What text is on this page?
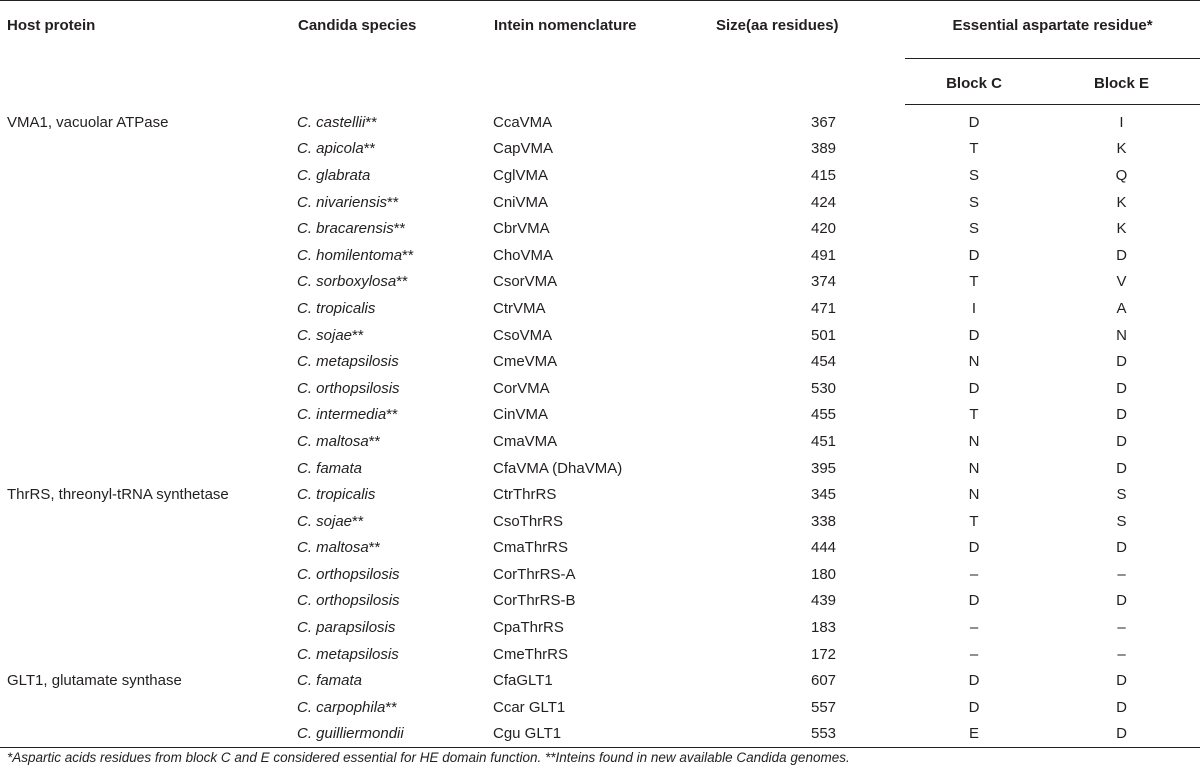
Host protein	Candida species	Intein nomenclature	Size(aa residues)	Essential aspartate residue*	
				Block C	Block E
VMA1, vacuolar ATPase	C. castellii**	CcaVMA	367	D	I
	C. apicola**	CapVMA	389	T	K
	C. glabrata	CglVMA	415	S	Q
	C. nivariensis**	CniVMA	424	S	K
	C. bracarensis**	CbrVMA	420	S	K
	C. homilentoma**	ChoVMA	491	D	D
	C. sorboxylosa**	CsorVMA	374	T	V
	C. tropicalis	CtrVMA	471	I	A
	C. sojae**	CsoVMA	501	D	N
	C. metapsilosis	CmeVMA	454	N	D
	C. orthopsilosis	CorVMA	530	D	D
	C. intermedia**	CinVMA	455	T	D
	C. maltosa**	CmaVMA	451	N	D
	C. famata	CfaVMA (DhaVMA)	395	N	D
ThrRS, threonyl-tRNA synthetase	C. tropicalis	CtrThrRS	345	N	S
	C. sojae**	CsoThrRS	338	T	S
	C. maltosa**	CmaThrRS	444	D	D
	C. orthopsilosis	CorThrRS-A	180	–	–
	C. orthopsilosis	CorThrRS-B	439	D	D
	C. parapsilosis	CpaThrRS	183	–	–
	C. metapsilosis	CmeThrRS	172	–	–
GLT1, glutamate synthase	C. famata	CfaGLT1	607	D	D
	C. carpophila**	Ccar GLT1	557	D	D
	C. guilliermondii	Cgu GLT1	553	E	D
*Aspartic acids residues from block C and E considered essential for HE domain function. **Inteins found in new available Candida genomes.
